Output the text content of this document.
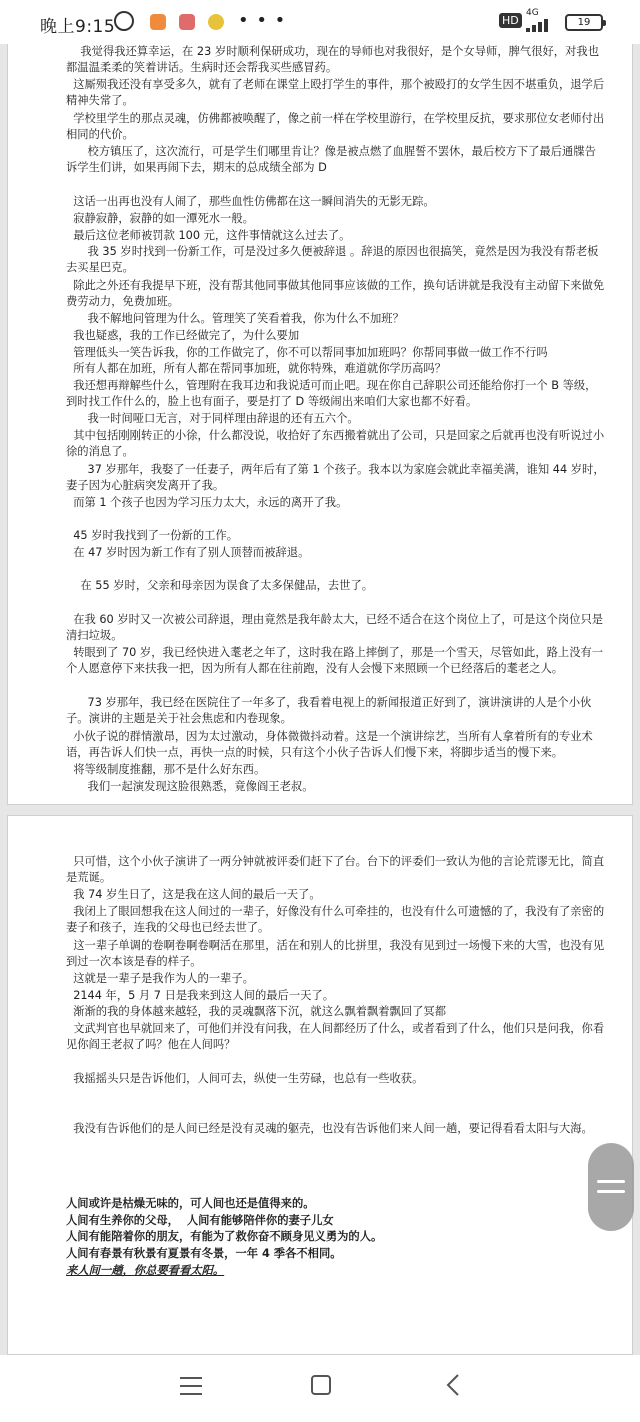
晚上9:15	• • •	HD
4G
19
我觉得我还算幸运，在 23 岁时顺利保研成功，现在的导师也对我很好，是个女导师，脾气很好，对我也都温温柔柔的笑着讲话。生病时还会帮我买些感冒药。
这厮殒我还没有享受多久，就有了老师在课堂上殴打学生的事件，那个被殴打的女学生因不堪重负，退学后精神失常了。
学校里学生的那点灵魂，仿佛都被唤醒了，像之前一样在学校里游行，在学校里反抗，要求那位女老师付出相同的代价。
校方镇压了，这次流行，可是学生们哪里肯让？像是被点燃了血腥誓不罢休，最后校方下了最后通牒告诉学生们讲，如果再闹下去，期末的总成绩全部为 D
这话一出再也没有人闹了，那些血性仿佛都在这一瞬间消失的无影无踪。
寂静寂静，寂静的如一潭死水一般。
最后这位老师被罚款 100 元，这件事情就这么过去了。
我 35 岁时找到一份新工作，可是没过多久便被辞退 。辞退的原因也很搞笑，竟然是因为我没有帮老板去买星巴克。
除此之外还有我提早下班，没有帮其他同事做其他同事应该做的工作，换句话讲就是我没有主动留下来做免费劳动力，免费加班。
我不解地问管理为什么。管理笑了笑看着我，你为什么不加班？
我也疑惑，我的工作已经做完了，为什么要加
管理低头一笑告诉我，你的工作做完了，你不可以帮同事加加班吗？你帮同事做一做工作不行吗
所有人都在加班，所有人都在帮同事加班，就你特殊，难道就你学历高吗？
我还想再辩解些什么，管理附在我耳边和我说适可而止吧。现在你自己辞职公司还能给你打一个 B 等级，到时找工作什么的，脸上也有面子，要是打了 D 等级闹出来咱们大家也都不好看。
我一时间哑口无言，对于同样理由辞退的还有五六个。
其中包括刚刚转正的小徐，什么都没说，收拾好了东西搬着就出了公司，只是回家之后就再也没有听说过小徐的消息了。
37 岁那年，我娶了一任妻子，两年后有了第 1 个孩子。我本以为家庭会就此幸福美满，谁知 44 岁时，妻子因为心脏病突发离开了我。
而第 1 个孩子也因为学习压力太大，永远的离开了我。
45 岁时我找到了一份新的工作。
在 47 岁时因为新工作有了别人顶替而被辞退。
在 55 岁时，父亲和母亲因为误食了太多保健品，去世了。
在我 60 岁时又一次被公司辞退，理由竟然是我年龄太大，已经不适合在这个岗位上了，可是这个岗位只是清扫垃圾。
转眼到了 70 岁，我已经快进入耄老之年了，这时我在路上摔倒了，那是一个雪天，尽管如此，路上没有一个人愿意停下来扶我一把，因为所有人都在往前跑，没有人会慢下来照顾一个已经落后的耄老之人。
73 岁那年，我已经在医院住了一年多了，我看着电视上的新闻报道正好到了，演讲演讲的人是个小伙子。演讲的主题是关于社会焦虑和内卷现象。
小伙子说的群情激昂，因为太过激动，身体微微抖动着。这是一个演讲综艺，当所有人拿着所有的专业术语，再告诉人们快一点，再快一点的时候，只有这个小伙子告诉人们慢下来，将脚步适当的慢下来。
将等级制度推翻，那不是什么好东西。
我们一起演发现这脸很熟悉，竟像阎王老叔。
只可惜，这个小伙子演讲了一两分钟就被评委们赶下了台。台下的评委们一致认为他的言论荒谬无比，简直是荒诞。
我 74 岁生日了，这是我在这人间的最后一天了。
我闭上了眼回想我在这人间过的一辈子，好像没有什么可牵挂的，也没有什么可遗憾的了，我没有了亲密的妻子和孩子，连我的父母也已经去世了。
这一辈子单调的卷啊卷啊卷啊活在那里，活在和别人的比拼里，我没有见到过一场慢下来的大雪，也没有见到过一次本该是春的样子。
这就是一辈子是我作为人的一辈子。
2144 年，5 月 7 日是我来到这人间的最后一天了。
渐渐的我的身体越来越轻，我的灵魂飘落下沉，就这么飘着飘着飘回了冥都
文武判官也早就回来了，可他们并没有问我，在人间都经历了什么，或者看到了什么，他们只是问我，你看见你阎王老叔了吗？他在人间吗？
我摇摇头只是告诉他们，人间可去，纵使一生劳碌，也总有一些收获。
我没有告诉他们的是人间已经是没有灵魂的躯壳，也没有告诉他们来人间一趟，要记得看看太阳与大海。
人间或许是枯燥无味的，可人间也还是值得来的。
人间有生养你的父母，  人间有能够陪伴你的妻子儿女
人间有能陪着你的朋友，有能为了救你奋不顾身见义勇为的人。
人间有春景有秋景有夏景有冬景，一年 4 季各不相同。
来人间一趟，你总要看看太阳。
